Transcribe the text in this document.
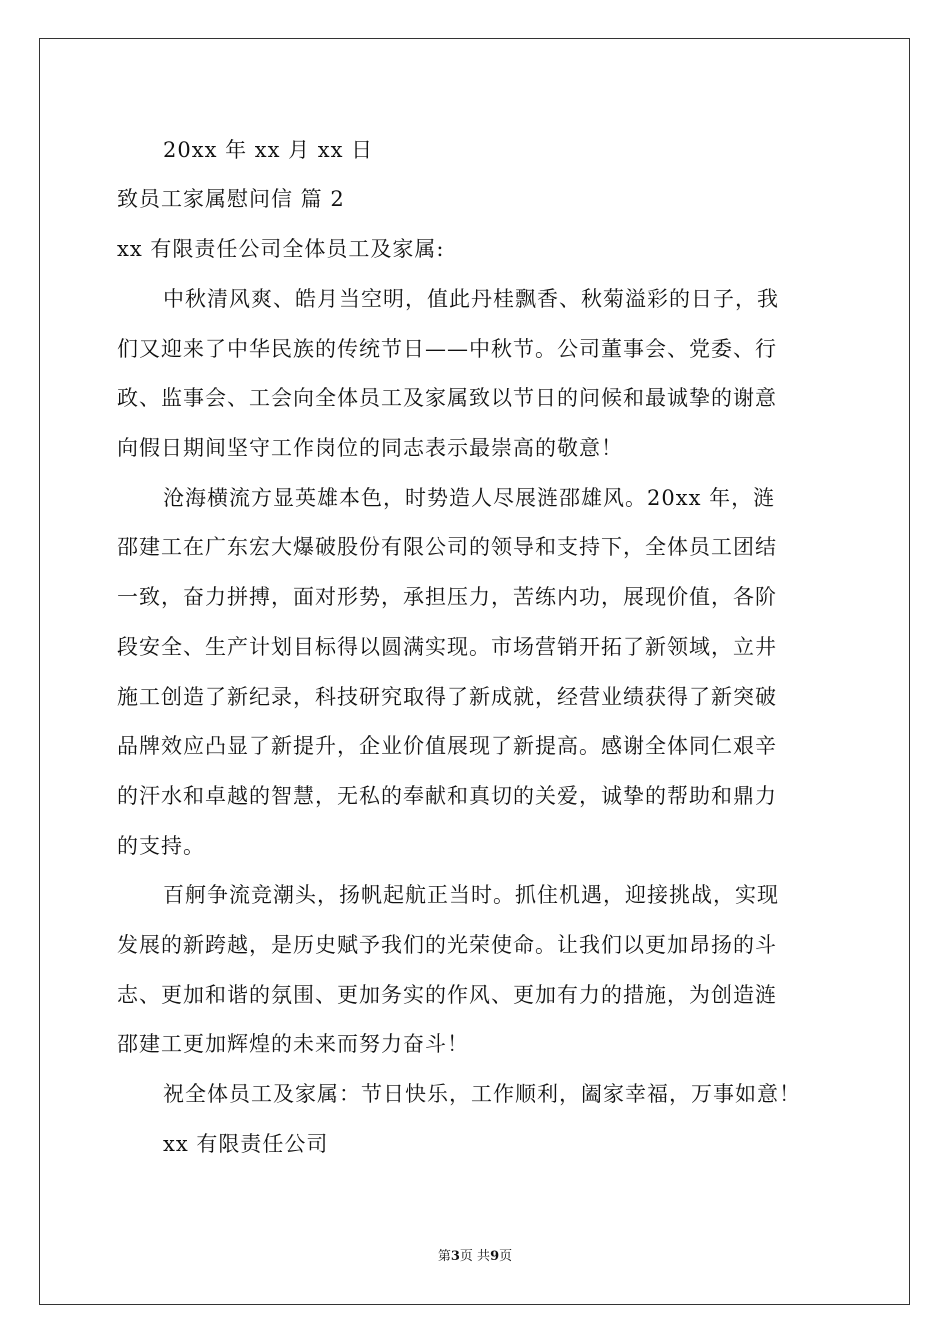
20xx 年 xx 月 xx 日
致员工家属慰问信 篇 2
xx 有限责任公司全体员工及家属:
中秋清风爽、皓月当空明，值此丹桂飘香、秋菊溢彩的日子，我
们又迎来了中华民族的传统节日——中秋节。公司董事会、党委、行
政、监事会、工会向全体员工及家属致以节日的问候和最诚挚的谢意
向假日期间坚守工作岗位的同志表示最崇高的敬意！
沧海横流方显英雄本色，时势造人尽展涟邵雄风。20xx 年，涟
邵建工在广东宏大爆破股份有限公司的领导和支持下，全体员工团结
一致，奋力拼搏，面对形势，承担压力，苦练内功，展现价值，各阶
段安全、生产计划目标得以圆满实现。市场营销开拓了新领域，立井
施工创造了新纪录，科技研究取得了新成就，经营业绩获得了新突破
品牌效应凸显了新提升，企业价值展现了新提高。感谢全体同仁艰辛
的汗水和卓越的智慧，无私的奉献和真切的关爱，诚挚的帮助和鼎力
的支持。
百舸争流竞潮头，扬帆起航正当时。抓住机遇，迎接挑战，实现
发展的新跨越，是历史赋予我们的光荣使命。让我们以更加昂扬的斗
志、更加和谐的氛围、更加务实的作风、更加有力的措施，为创造涟
邵建工更加辉煌的未来而努力奋斗！
祝全体员工及家属：节日快乐，工作顺利，阖家幸福，万事如意！
xx 有限责任公司
第3页 共9页
